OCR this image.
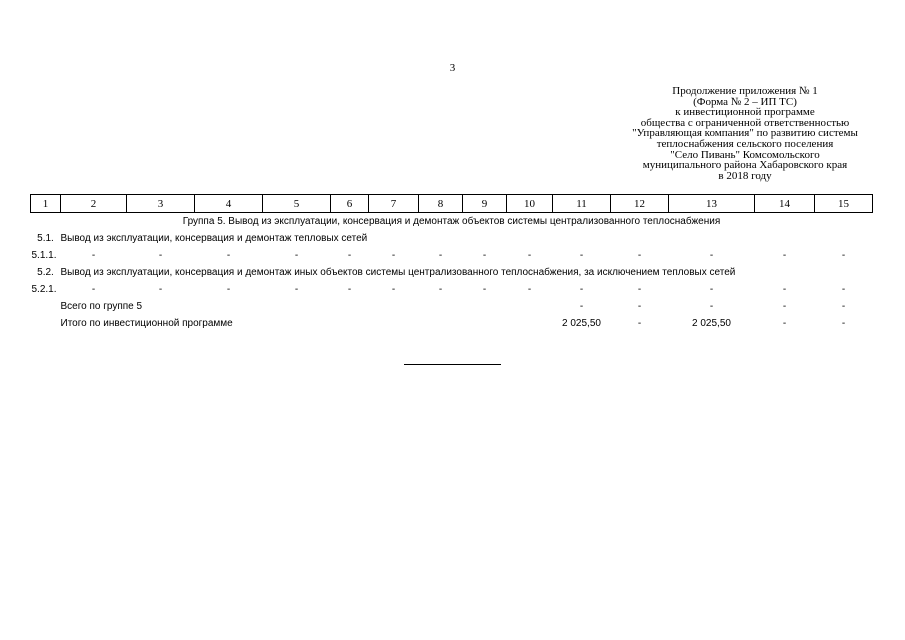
3
Продолжение приложения № 1
(Форма № 2 – ИП ТС)
к инвестиционной программе
общества с ограниченной ответственностью
"Управляющая компания" по развитию системы
теплоснабжения сельского поселения
"Село Пивань" Комсомольского
муниципального района Хабаровского края
в 2018 году
1	2	3	4	5	6	7	8	9	10	11	12	13	14	15
Группа 5. Вывод из эксплуатации, консервация и демонтаж объектов системы централизованного теплоснабжения														
5.1.	Вывод из эксплуатации, консервация и демонтаж тепловых сетей													
5.1.1.	-	-	-	-	-	-	-	-	-	-	-	-	-	-
5.2.	Вывод из эксплуатации, консервация и демонтаж иных объектов системы централизованного теплоснабжения, за исключением тепловых сетей													
5.2.1.	-	-	-	-	-	-	-	-	-	-	-	-	-	-
	Всего по группе 5									-	-	-	-	-
	Итого по инвестиционной программе									2 025,50	-	2 025,50	-	-
